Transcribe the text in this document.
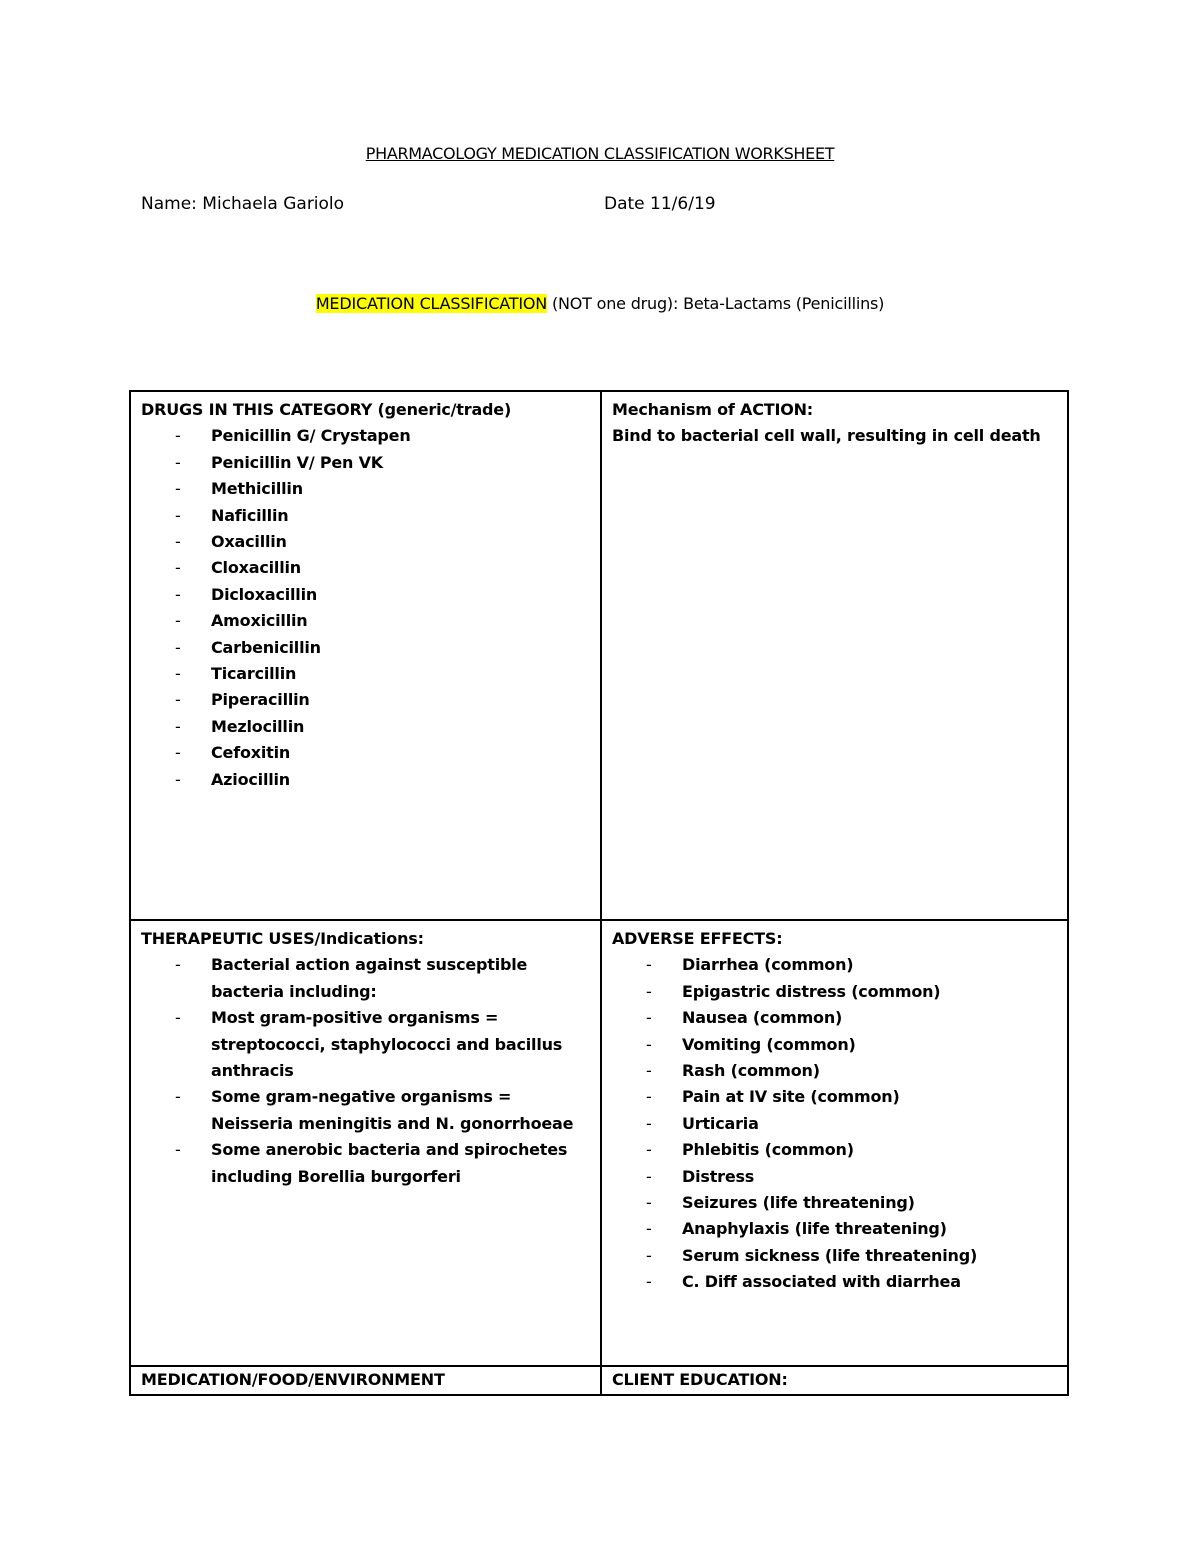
PHARMACOLOGY MEDICATION CLASSIFICATION WORKSHEET
Name: Michaela Gariolo	Date 11/6/19
MEDICATION CLASSIFICATION (NOT one drug): Beta-Lactams (Penicillins)
DRUGS IN THIS CATEGORY (generic/trade)
- Penicillin G/ Crystapen
- Penicillin V/ Pen VK
- Methicillin
- Naficillin
- Oxacillin
- Cloxacillin
- Dicloxacillin
- Amoxicillin
- Carbenicillin
- Ticarcillin
- Piperacillin
- Mezlocillin
- Cefoxitin
- Aziocillin
Mechanism of ACTION:
Bind to bacterial cell wall, resulting in cell death
THERAPEUTIC USES/Indications:
- Bacterial action against susceptible bacteria including:
- Most gram-positive organisms = streptococci, staphylococci and bacillus anthracis
- Some gram-negative organisms = Neisseria meningitis and N. gonorrhoeae
- Some anerobic bacteria and spirochetes including Borellia burgorferi
ADVERSE EFFECTS:
- Diarrhea (common)
- Epigastric distress (common)
- Nausea (common)
- Vomiting (common)
- Rash (common)
- Pain at IV site (common)
- Urticaria
- Phlebitis (common)
- Distress
- Seizures (life threatening)
- Anaphylaxis (life threatening)
- Serum sickness (life threatening)
- C. Diff associated with diarrhea
MEDICATION/FOOD/ENVIRONMENT	CLIENT EDUCATION:
